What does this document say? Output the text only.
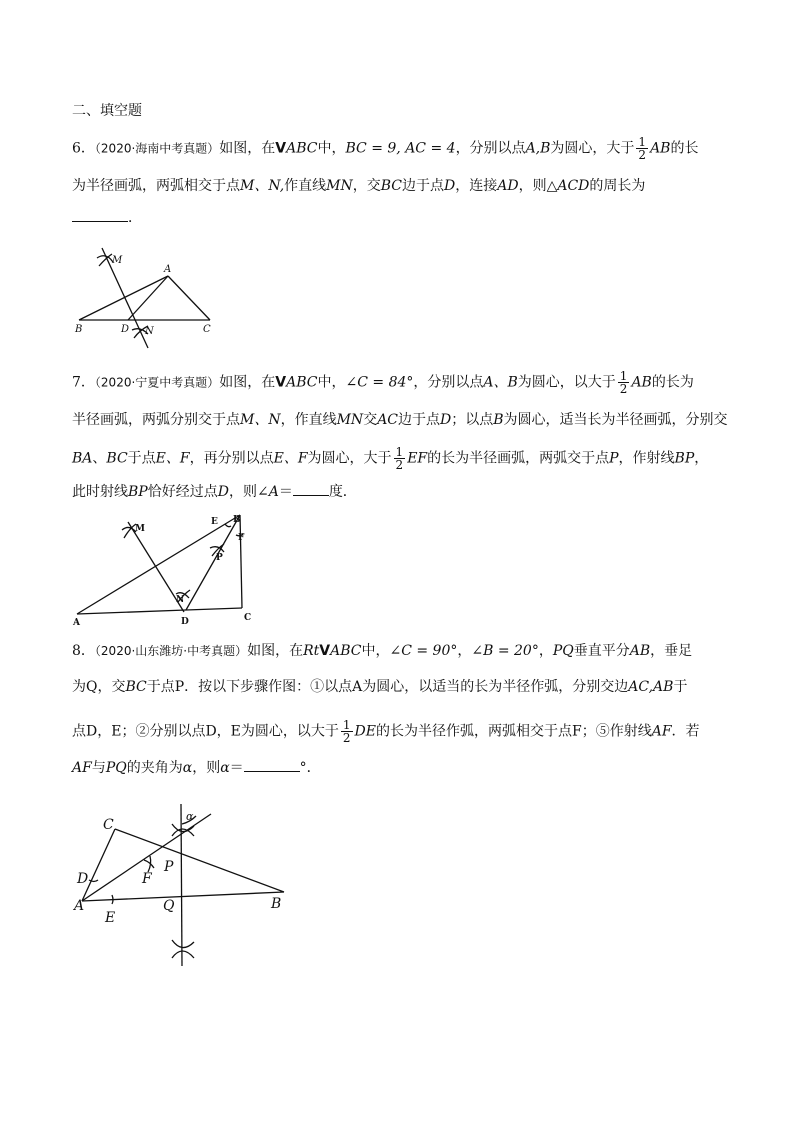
二、填空题
6．（2020·海南中考真题）如图，在VABC中，BC = 9, AC = 4，分别以点A,B为圆心，大于 $\frac{1}{2}$ AB的长
为半径画弧，两弧相交于点M、N,作直线MN，交BC边于点D，连接AD，则△ACD的周长为
．
M
A
B	D N	C
7．（2020·宁夏中考真题）如图，在VABC中，∠C = 84°，分别以点A、B为圆心，以大于 $\frac{1}{2}$ AB的长为
半径画弧，两弧分别交于点M、N，作直线MN交AC边于点D；以点B为圆心，适当长为半径画弧，分别交
BA、BC于点E、F，再分别以点E、F为圆心，大于 $\frac{1}{2}$ EF的长为半径画弧，两弧交于点P，作射线BP，
此时射线BP恰好经过点D，则∠A＝	度．
M
E B
F
P
N
A	D	C
8．（2020·山东潍坊·中考真题）如图，在RtVABC中，∠C = 90°，∠B = 20°，PQ垂直平分AB，垂足
为Q，交BC于点P．按以下步骤作图：①以点A为圆心，以适当的长为半径作弧，分别交边AC,AB于
点D，E；②分别以点D，E为圆心，以大于 $\frac{1}{2}$ DE的长为半径作弧，两弧相交于点F；⑤作射线AF．若
AF与PQ的夹角为α，则α＝	°．
α
C
D	F
P
A
E
Q	B
